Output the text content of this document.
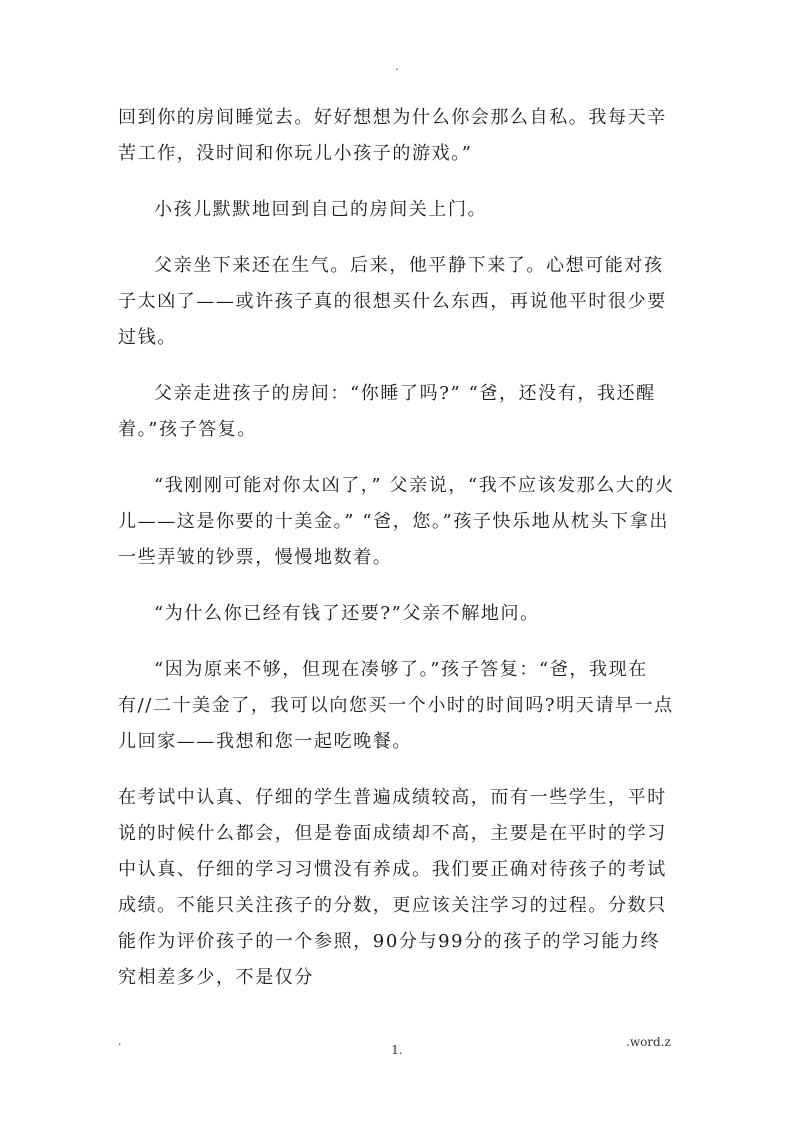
.

回到你的房间睡觉去。好好想想为什么你会那么自私。我每天辛苦工作，没时间和你玩儿小孩子的游戏。”

小孩儿默默地回到自己的房间关上门。

父亲坐下来还在生气。后来，他平静下来了。心想可能对孩子太凶了——或许孩子真的很想买什么东西，再说他平时很少要过钱。

父亲走进孩子的房间：“你睡了吗?” “爸，还没有，我还醒着。”孩子答复。

“我刚刚可能对你太凶了，” 父亲说，“我不应该发那么大的火儿——这是你要的十美金。” “爸，您。”孩子快乐地从枕头下拿出一些弄皱的钞票，慢慢地数着。

“为什么你已经有钱了还要?”父亲不解地问。

“因为原来不够，但现在凑够了。”孩子答复：“爸，我现在有//二十美金了，我可以向您买一个小时的时间吗?明天请早一点儿回家——我想和您一起吃晚餐。

在考试中认真、仔细的学生普遍成绩较高，而有一些学生，平时说的时候什么都会，但是卷面成绩却不高，主要是在平时的学习中认真、仔细的学习习惯没有养成。我们要正确对待孩子的考试成绩。不能只关注孩子的分数，更应该关注学习的过程。分数只能作为评价孩子的一个参照，90分与99分的孩子的学习能力终究相差多少，不是仅分

.
1.
.word.z
